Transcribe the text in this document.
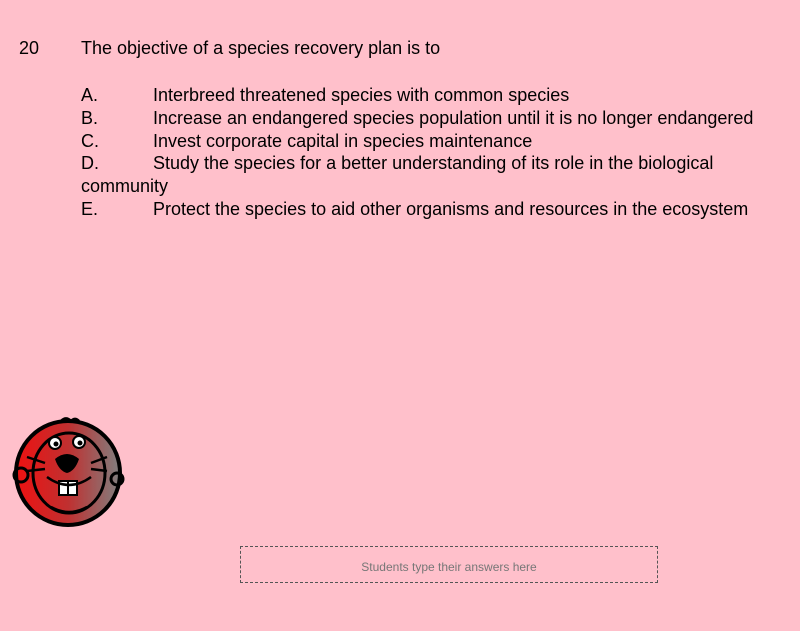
20 The objective of a species recovery plan is to
A.	Interbreed threatened species with common species
B.	Increase an endangered species population until it is no longer endangered
C.	Invest corporate capital in species maintenance
D.	Study the species for a better understanding of its role in the biological community
E.	Protect the species to aid other organisms and resources in the ecosystem
Students type their answers here
